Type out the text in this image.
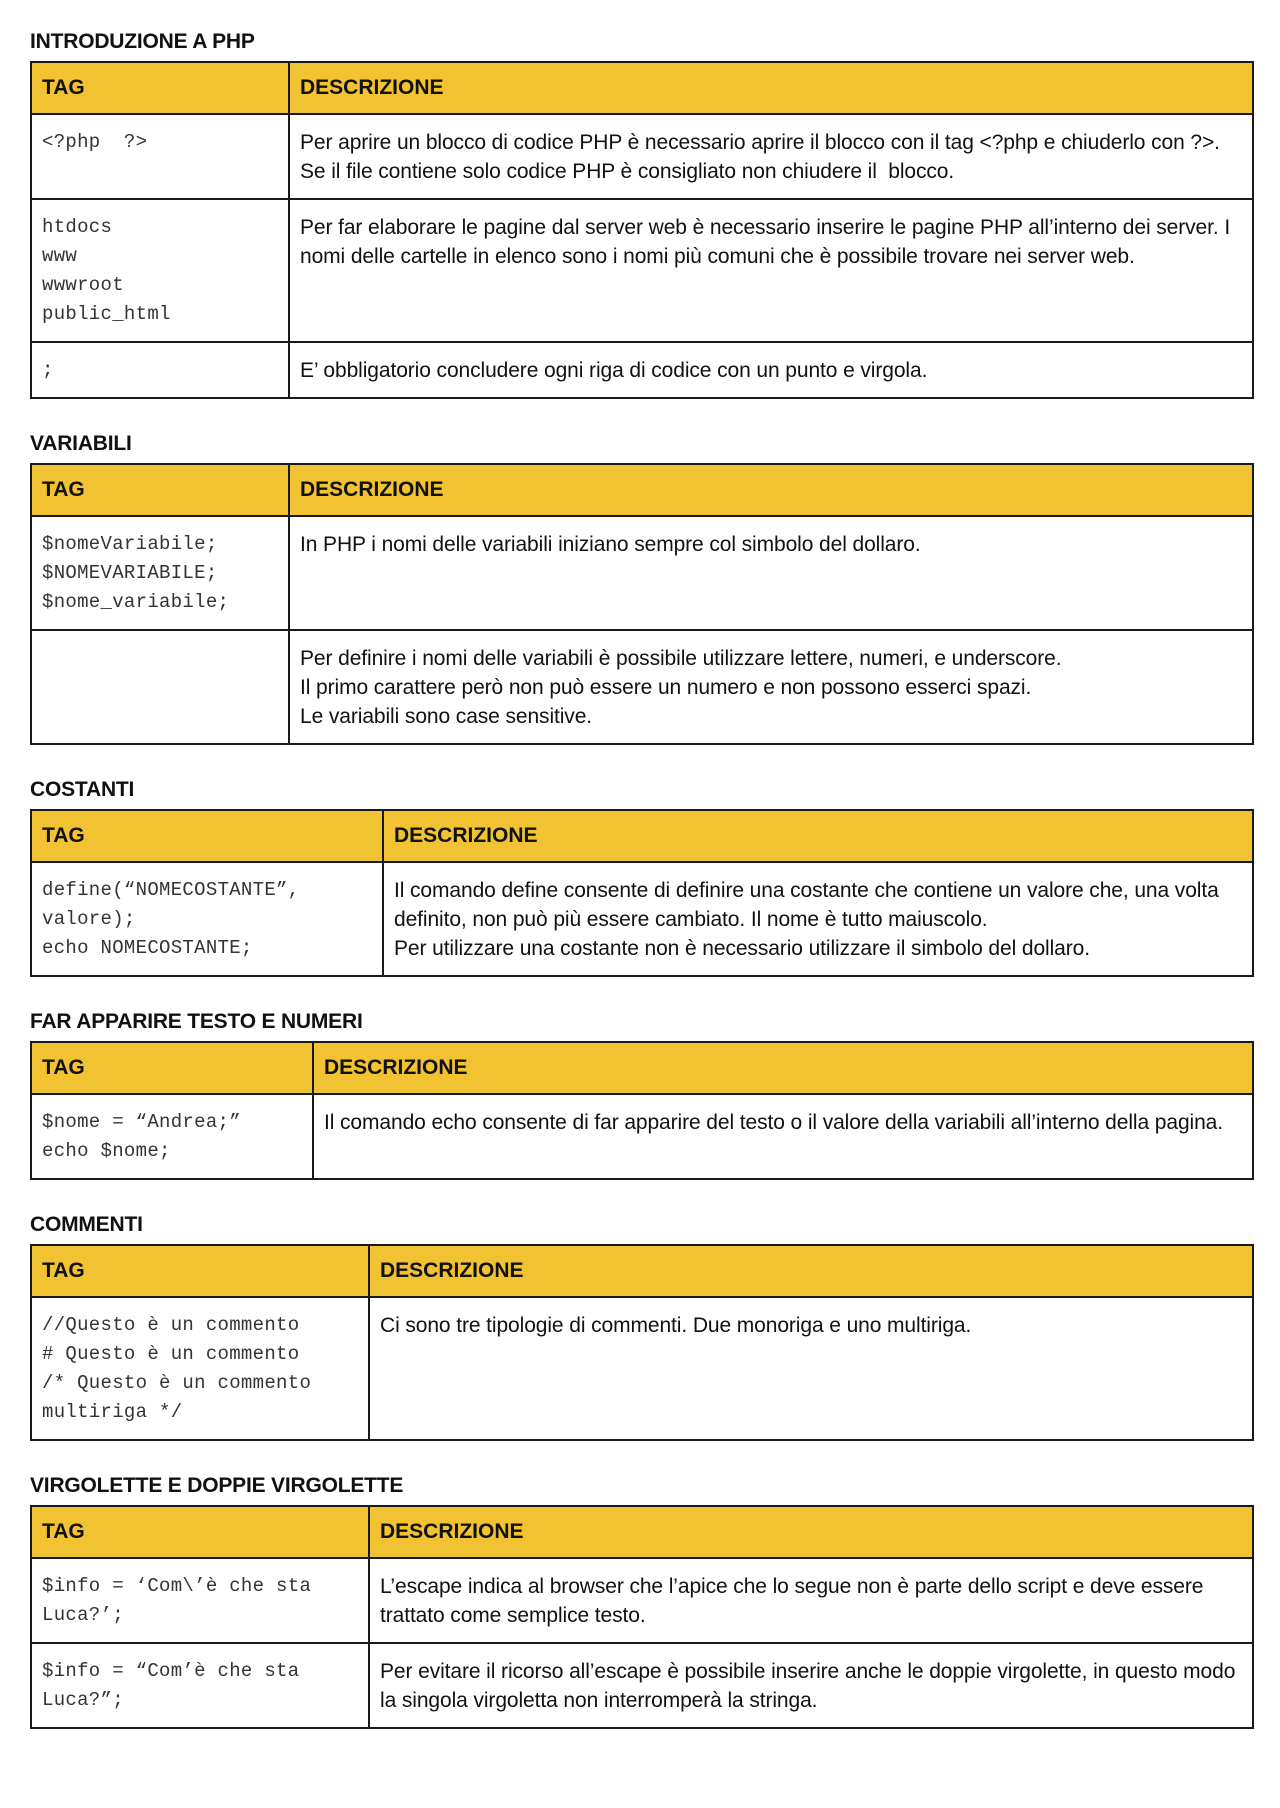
INTRODUZIONE A PHP
TAG	DESCRIZIONE
<?php  ?>	Per aprire un blocco di codice PHP è necessario aprire il blocco con il tag <?php e chiuderlo con ?>. Se il file contiene solo codice PHP è consigliato non chiudere il  blocco.
htdocs
www
wwwroot
public_html	Per far elaborare le pagine dal server web è necessario inserire le pagine PHP all’interno dei server. I nomi delle cartelle in elenco sono i nomi più comuni che è possibile trovare nei server web.
;	E’ obbligatorio concludere ogni riga di codice con un punto e virgola.
VARIABILI
TAG	DESCRIZIONE
$nomeVariabile;
$NOMEVARIABILE;
$nome_variabile;	In PHP i nomi delle variabili iniziano sempre col simbolo del dollaro.
	Per definire i nomi delle variabili è possibile utilizzare lettere, numeri, e underscore.
Il primo carattere però non può essere un numero e non possono esserci spazi.
Le variabili sono case sensitive.
COSTANTI
TAG	DESCRIZIONE
define(“NOMECOSTANTE”, valore);
echo NOMECOSTANTE;	Il comando define consente di definire una costante che contiene un valore che, una volta definito, non può più essere cambiato. Il nome è tutto maiuscolo.
Per utilizzare una costante non è necessario utilizzare il simbolo del dollaro.
FAR APPARIRE TESTO E NUMERI
TAG	DESCRIZIONE
$nome = “Andrea;”
echo $nome;	Il comando echo consente di far apparire del testo o il valore della variabili all’interno della pagina.
COMMENTI
TAG	DESCRIZIONE
//Questo è un commento
# Questo è un commento
/* Questo è un commento multiriga */	Ci sono tre tipologie di commenti. Due monoriga e uno multiriga.
VIRGOLETTE E DOPPIE VIRGOLETTE
TAG	DESCRIZIONE
$info = ‘Com\’è che sta Luca?’;	L’escape indica al browser che l’apice che lo segue non è parte dello script e deve essere trattato come semplice testo.
$info = “Com’è che sta Luca?”;	Per evitare il ricorso all’escape è possibile inserire anche le doppie virgolette, in questo modo la singola virgoletta non interromperà la stringa.
